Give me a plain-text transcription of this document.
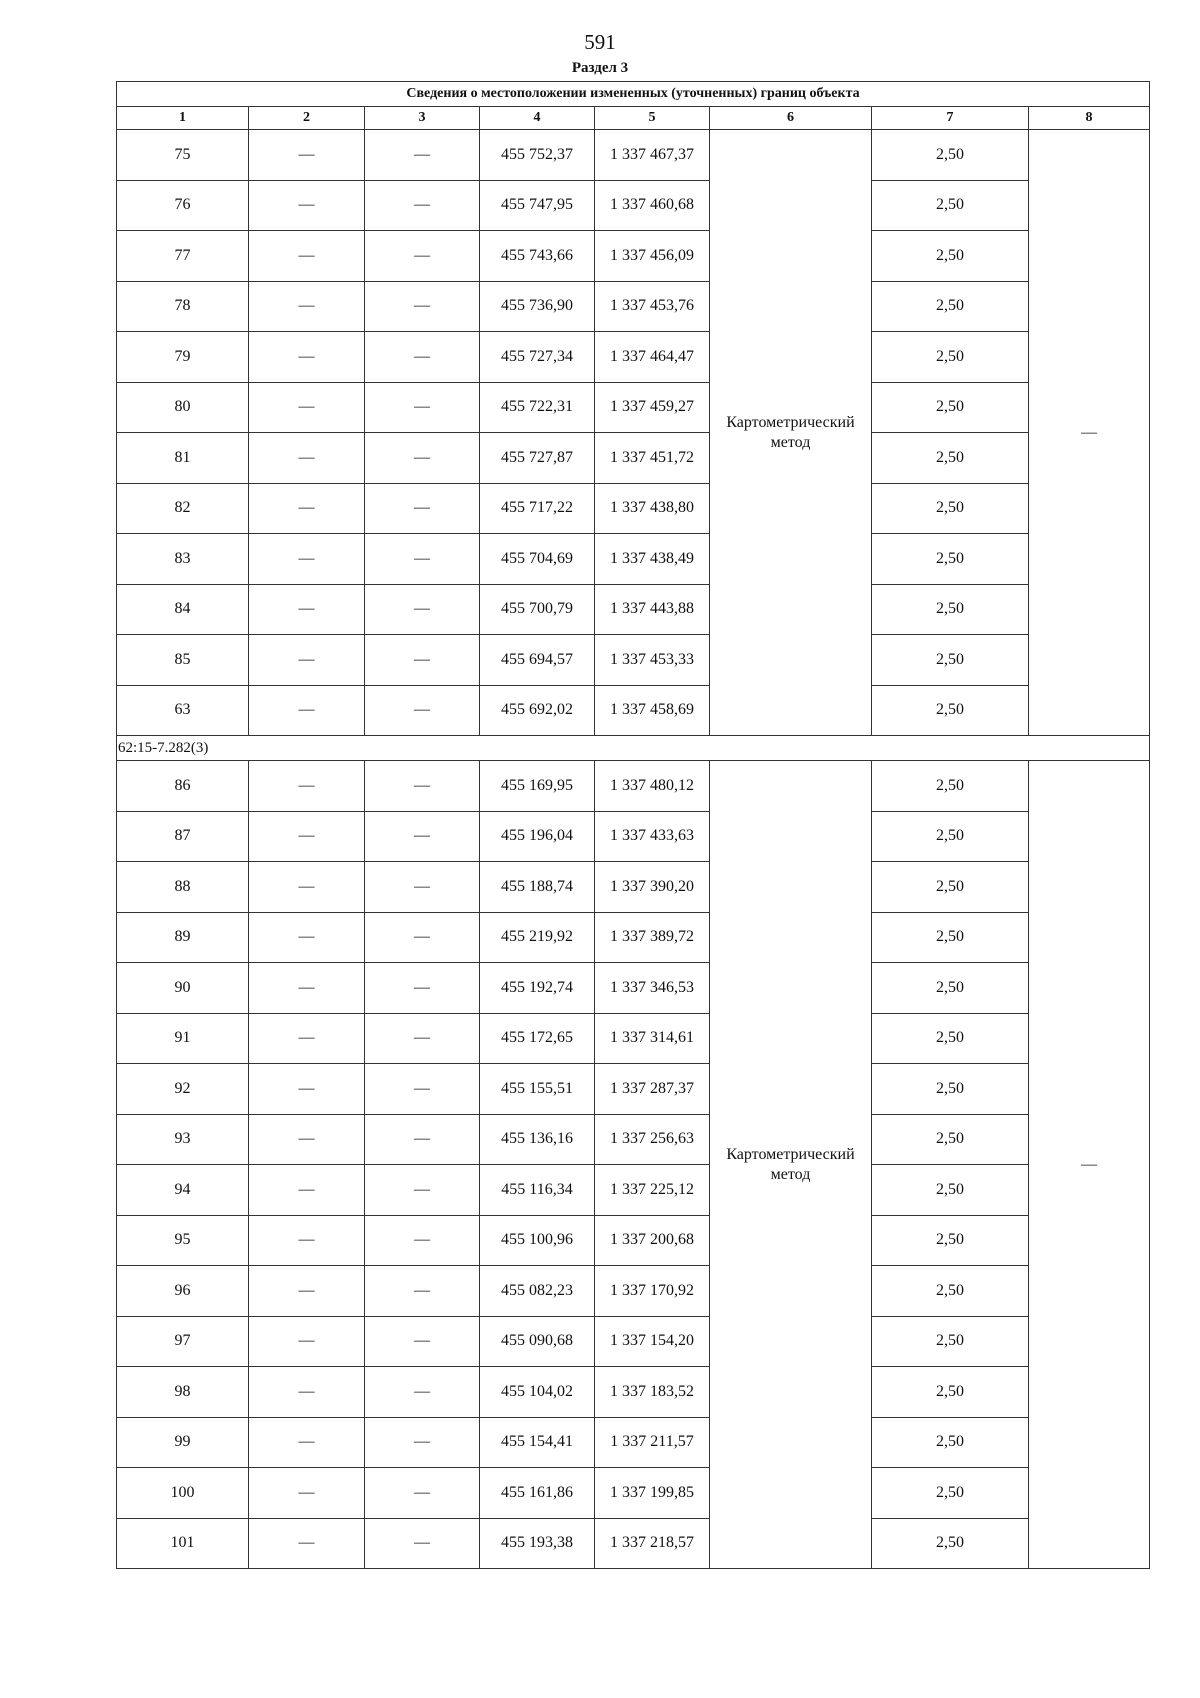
591
Раздел 3
Сведения о местоположении измененных (уточненных) границ объекта							
1	2	3	4	5	6	7	8
75	—	—	455 752,37	1 337 467,37	Картометрический метод	2,50	—
76	—	—	455 747,95	1 337 460,68		2,50	
77	—	—	455 743,66	1 337 456,09		2,50	
78	—	—	455 736,90	1 337 453,76		2,50	
79	—	—	455 727,34	1 337 464,47		2,50	
80	—	—	455 722,31	1 337 459,27		2,50	
81	—	—	455 727,87	1 337 451,72		2,50	
82	—	—	455 717,22	1 337 438,80		2,50	
83	—	—	455 704,69	1 337 438,49		2,50	
84	—	—	455 700,79	1 337 443,88		2,50	
85	—	—	455 694,57	1 337 453,33		2,50	
63	—	—	455 692,02	1 337 458,69		2,50	
62:15-7.282(3)							
86	—	—	455 169,95	1 337 480,12	Картометрический метод	2,50	—
87	—	—	455 196,04	1 337 433,63		2,50	
88	—	—	455 188,74	1 337 390,20		2,50	
89	—	—	455 219,92	1 337 389,72		2,50	
90	—	—	455 192,74	1 337 346,53		2,50	
91	—	—	455 172,65	1 337 314,61		2,50	
92	—	—	455 155,51	1 337 287,37		2,50	
93	—	—	455 136,16	1 337 256,63		2,50	
94	—	—	455 116,34	1 337 225,12		2,50	
95	—	—	455 100,96	1 337 200,68		2,50	
96	—	—	455 082,23	1 337 170,92		2,50	
97	—	—	455 090,68	1 337 154,20		2,50	
98	—	—	455 104,02	1 337 183,52		2,50	
99	—	—	455 154,41	1 337 211,57		2,50	
100	—	—	455 161,86	1 337 199,85		2,50	
101	—	—	455 193,38	1 337 218,57		2,50	
